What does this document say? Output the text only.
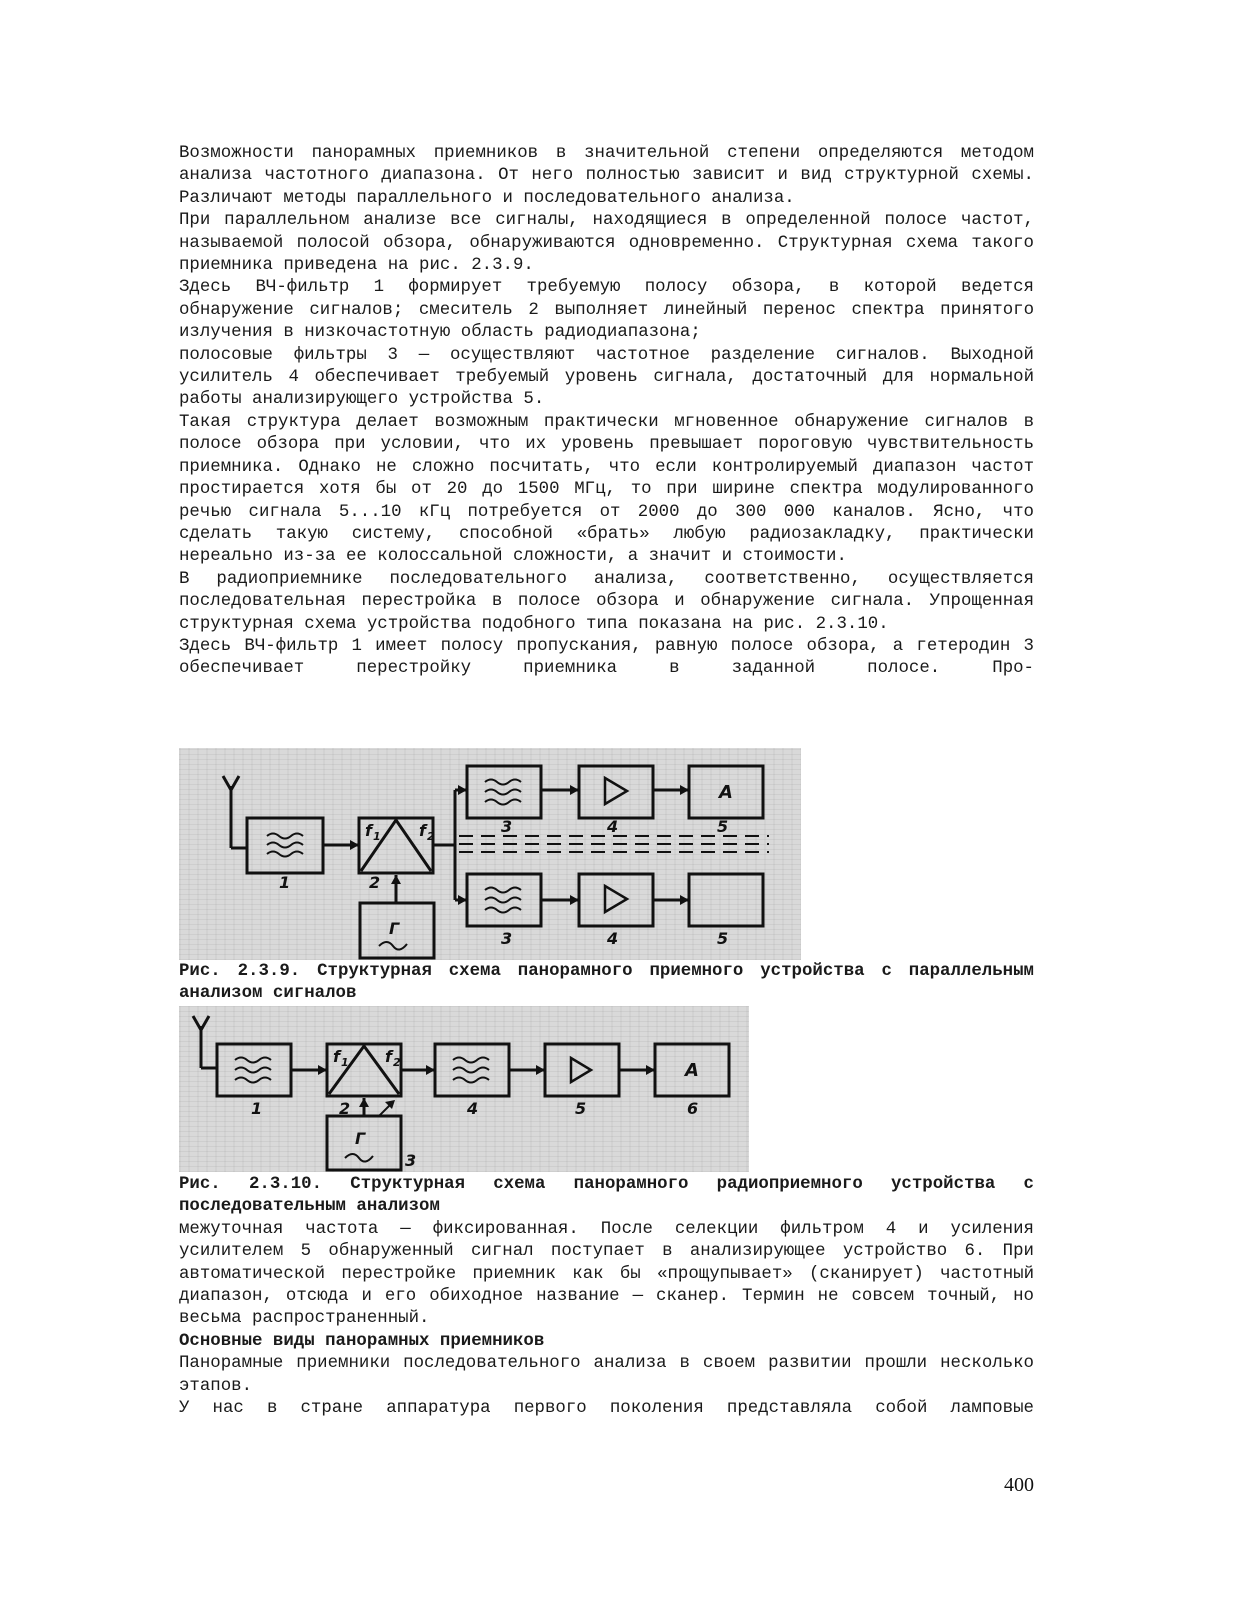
Возможности панорамных приемников в значительной степени определяются методом анализа частотного диапазона. От него полностью зависит и вид структурной схемы. Различают методы параллельного и последовательного анализа.

При параллельном анализе все сигналы, находящиеся в определенной полосе частот, называемой полосой обзора, обнаруживаются одновременно. Структурная схема такого приемника приведена на рис. 2.3.9.

Здесь ВЧ-фильтр 1 формирует требуемую полосу обзора, в которой ведется обнаружение сигналов; смеситель 2 выполняет линейный перенос спектра принятого излучения в низкочастотную область радиодиапазона;

полосовые фильтры 3 — осуществляют частотное разделение сигналов. Выходной усилитель 4 обеспечивает требуемый уровень сигнала, достаточный для нормальной работы анализирующего устройства 5.

Такая структура делает возможным практически мгновенное обнаружение сигналов в полосе обзора при условии, что их уровень превышает пороговую чувствительность приемника. Однако не сложно посчитать, что если контролируемый диапазон частот простирается хотя бы от 20 до 1500 МГц, то при ширине спектра модулированного речью сигнала 5...10 кГц потребуется от 2000 до 300 000 каналов. Ясно, что сделать такую систему, способной «брать» любую радиозакладку, практически нереально из-за ее колоссальной сложности, а значит и стоимости.

В радиоприемнике последовательного анализа, соответственно, осуществляется последовательная перестройка в полосе обзора и обнаружение сигнала. Упрощенная структурная схема устройства подобного типа показана на рис. 2.3.10.

Здесь ВЧ-фильтр 1 имеет полосу пропускания, равную полосе обзора, а гетеродин 3 обеспечивает перестройку приемника в заданной полосе. Про-

1	2
3	4	5
3	4	5
f 1 f 2
Г
А

Рис. 2.3.9. Структурная схема панорамного приемного устройства с параллельным анализом сигналов

1	2
3
4	5	6
f 1 f 2
Г
А

Рис. 2.3.10. Структурная схема панорамного радиоприемного устройства с последовательным анализом

межуточная частота — фиксированная. После селекции фильтром 4 и усиления усилителем 5 обнаруженный сигнал поступает в анализирующее устройство 6. При автоматической перестройке приемник как бы «прощупывает» (сканирует) частотный диапазон, отсюда и его обиходное название — сканер. Термин не совсем точный, но весьма распространенный.

Основные виды панорамных приемников

Панорамные приемники последовательного анализа в своем развитии прошли несколько этапов.

У нас в стране аппаратура первого поколения представляла собой ламповые

400
